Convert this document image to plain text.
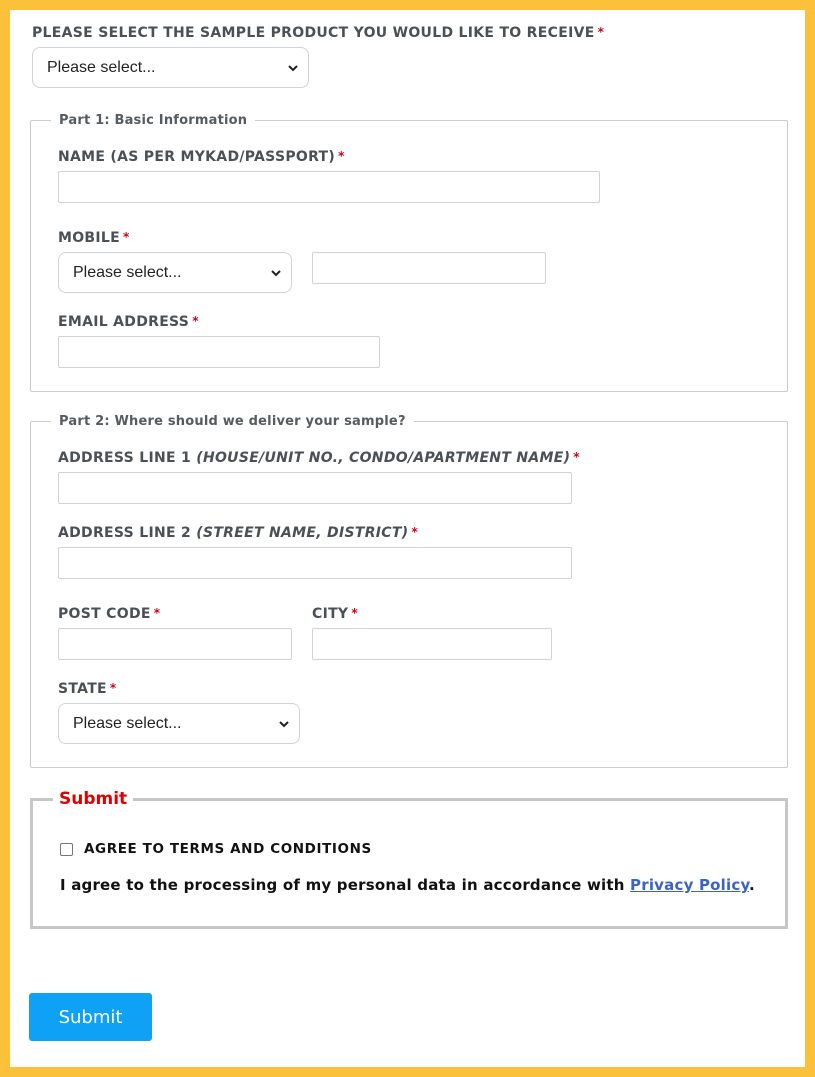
PLEASE SELECT THE SAMPLE PRODUCT YOU WOULD LIKE TO RECEIVE *
Please select...
Part 1: Basic Information
NAME (AS PER MYKAD/PASSPORT) *
MOBILE *
Please select...
EMAIL ADDRESS *
Part 2: Where should we deliver your sample?
ADDRESS LINE 1 (HOUSE/UNIT NO., CONDO/APARTMENT NAME) *
ADDRESS LINE 2 (STREET NAME, DISTRICT) *
POST CODE *	CITY *
STATE *
Please select...
Submit
AGREE TO TERMS AND CONDITIONS
I agree to the processing of my personal data in accordance with Privacy Policy.
Submit
